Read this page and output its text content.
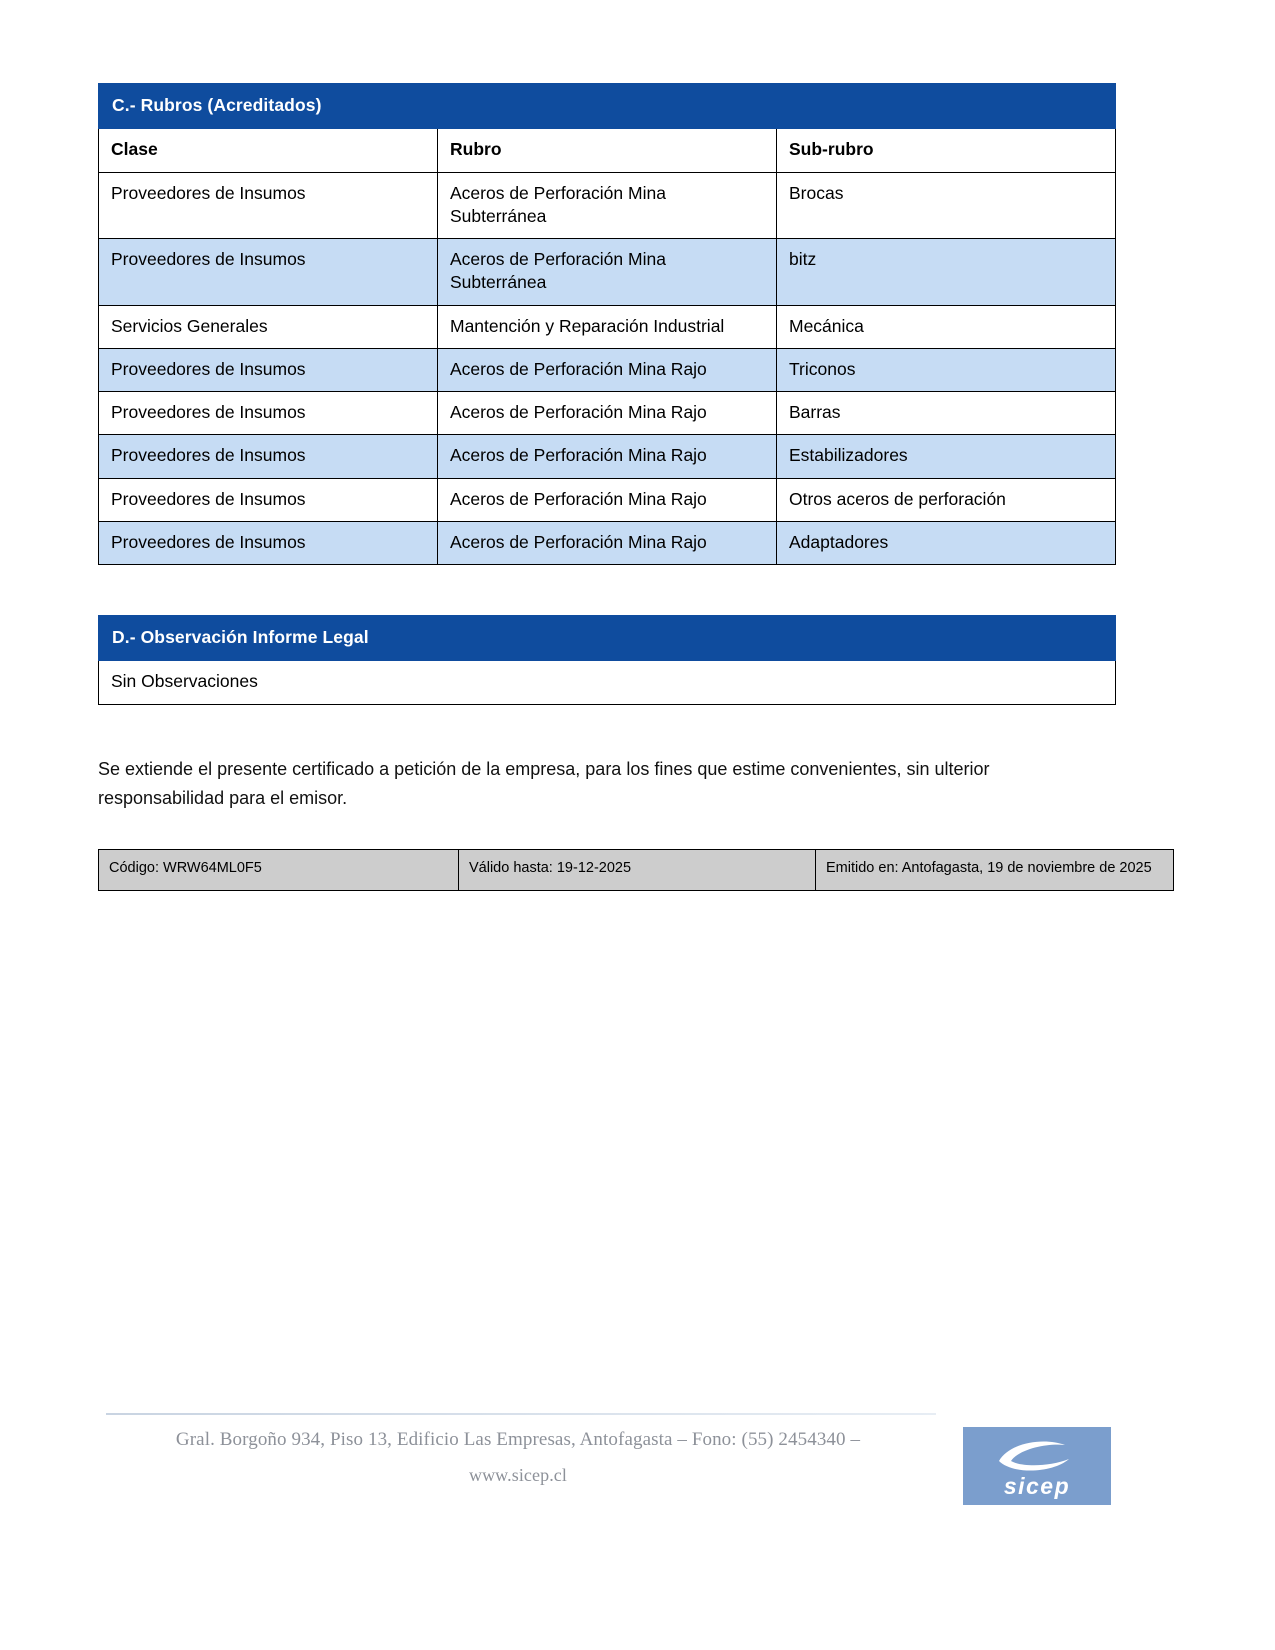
C.- Rubros (Acreditados)		
Clase	Rubro	Sub-rubro
Proveedores de Insumos	Aceros de Perforación Mina Subterránea	Brocas
Proveedores de Insumos	Aceros de Perforación Mina Subterránea	bitz
Servicios Generales	Mantención y Reparación Industrial	Mecánica
Proveedores de Insumos	Aceros de Perforación Mina Rajo	Triconos
Proveedores de Insumos	Aceros de Perforación Mina Rajo	Barras
Proveedores de Insumos	Aceros de Perforación Mina Rajo	Estabilizadores
Proveedores de Insumos	Aceros de Perforación Mina Rajo	Otros aceros de perforación
Proveedores de Insumos	Aceros de Perforación Mina Rajo	Adaptadores
D.- Observación Informe Legal
Sin Observaciones

Se extiende el presente certificado a petición de la empresa, para los fines que estime convenientes, sin ulterior responsabilidad para el emisor.

Código: WRW64ML0F5	Válido hasta: 19-12-2025	Emitido en: Antofagasta, 19 de noviembre de 2025
Gral. Borgoño 934, Piso 13, Edificio Las Empresas, Antofagasta – Fono: (55) 2454340 –
www.sicep.cl	sicep
